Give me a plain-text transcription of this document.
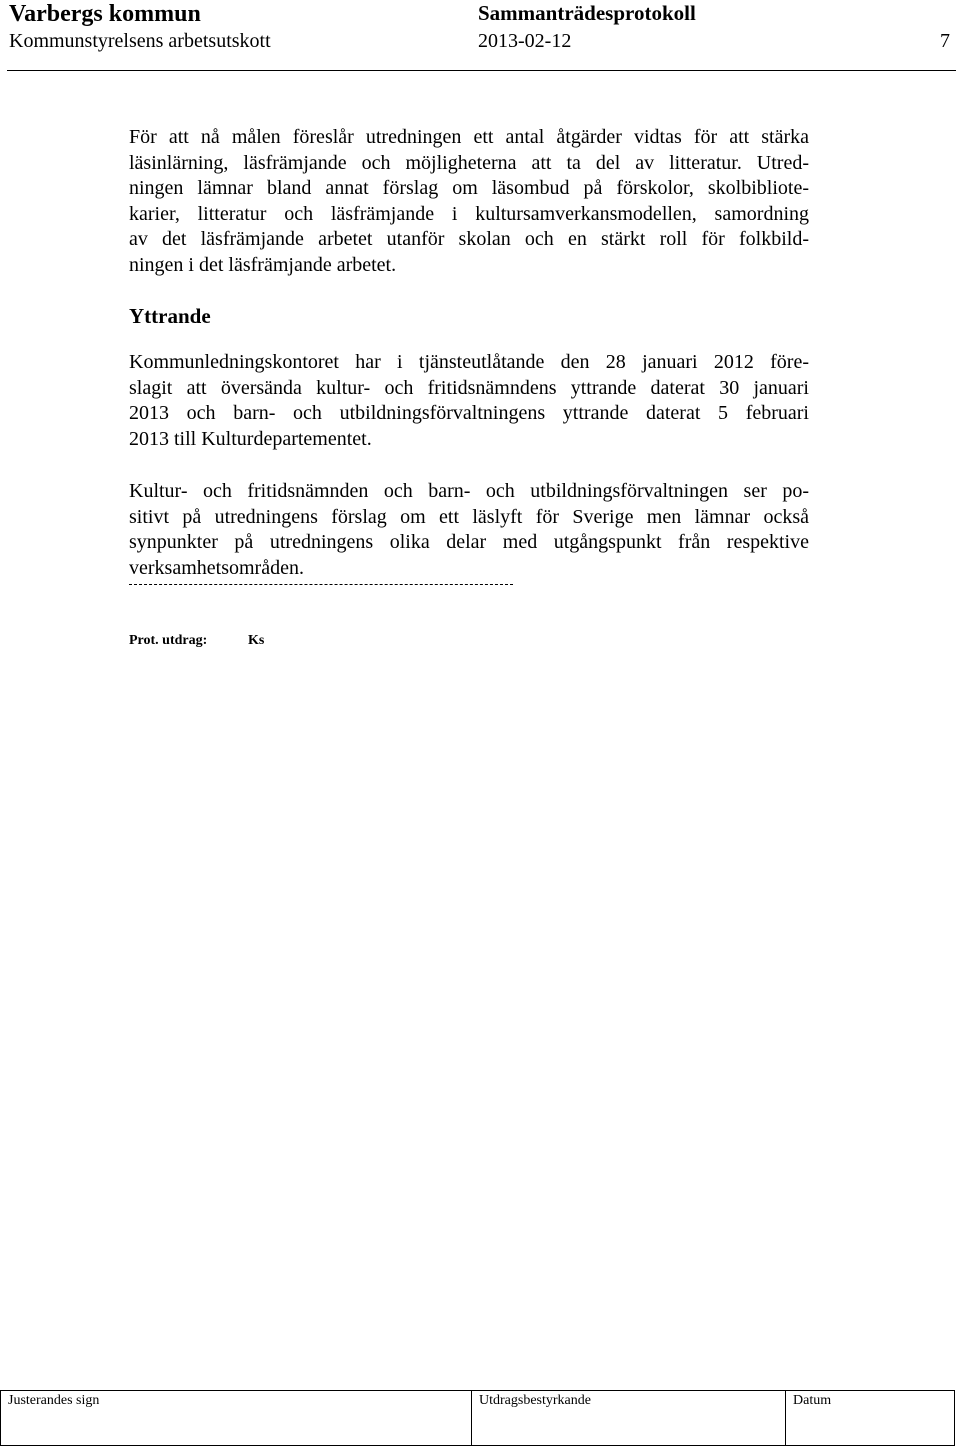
Varbergs kommun	Sammanträdesprotokoll
Kommunstyrelsens arbetsutskott	2013-02-12	7
För att nå målen föreslår utredningen ett antal åtgärder vidtas för att stärka
läsinlärning, läsfrämjande och möjligheterna att ta del av litteratur. Utred-
ningen lämnar bland annat förslag om läsombud på förskolor, skolbibliote-
karier, litteratur och läsfrämjande i kultursamverkansmodellen, samordning
av det läsfrämjande arbetet utanför skolan och en stärkt roll för folkbild-
ningen i det läsfrämjande arbetet.
Yttrande
Kommunledningskontoret har i tjänsteutlåtande den 28 januari 2012 före-
slagit att översända kultur- och fritidsnämndens yttrande daterat 30 januari
2013 och barn- och utbildningsförvaltningens yttrande daterat 5 februari
2013 till Kulturdepartementet.
Kultur- och fritidsnämnden och barn- och utbildningsförvaltningen ser po-
sitivt på utredningens förslag om ett läslyft för Sverige men lämnar också
synpunkter på utredningens olika delar med utgångspunkt från respektive
verksamhetsområden.
Prot. utdrag:	Ks
Justerandes sign	Utdragsbestyrkande	Datum
